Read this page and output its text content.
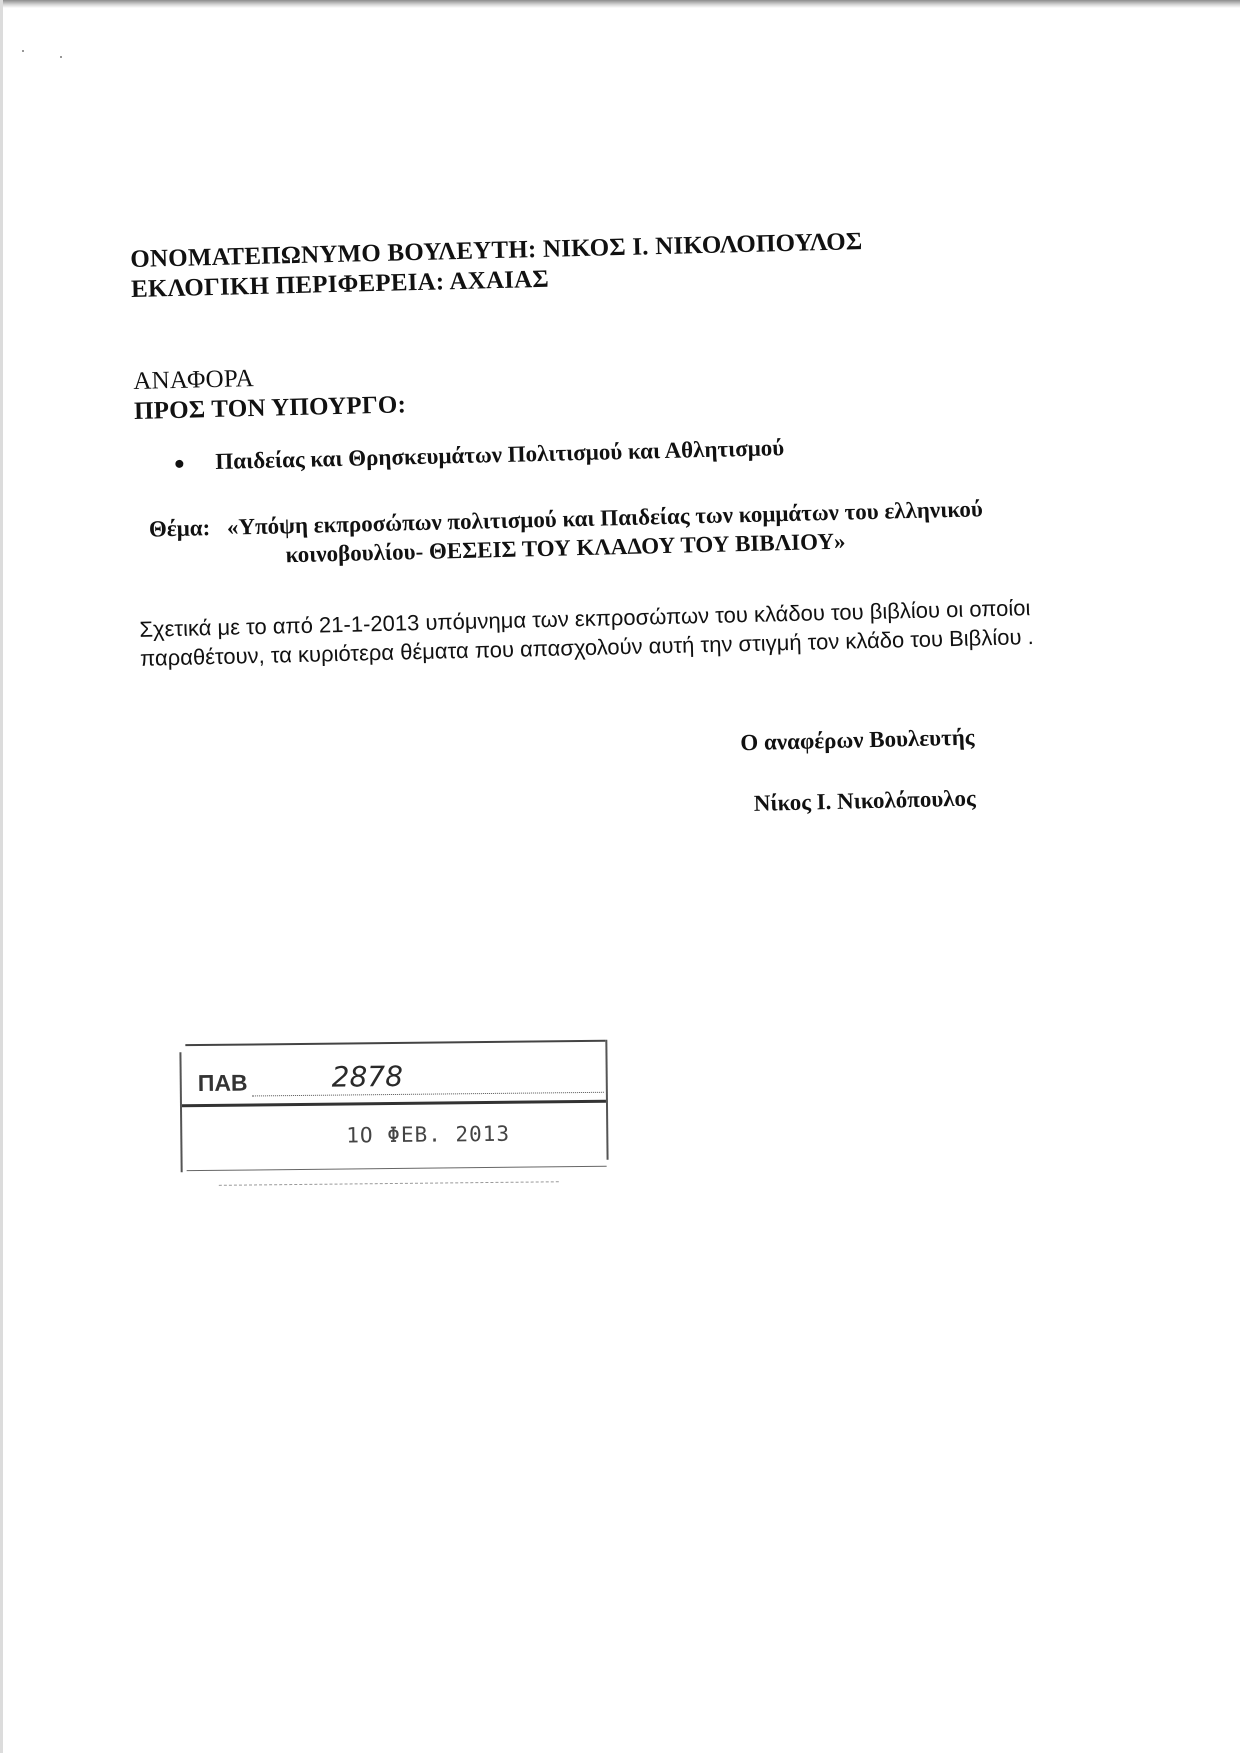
ΟΝΟΜΑΤΕΠΩΝΥΜΟ ΒΟΥΛΕΥΤΗ: ΝΙΚΟΣ Ι. ΝΙΚΟΛΟΠΟΥΛΟΣ

ΕΚΛΟΓΙΚΗ ΠΕΡΙΦΕΡΕΙΑ: ΑΧΑΙΑΣ

ΑΝΑΦΟΡΑ

ΠΡΟΣ ΤΟΝ ΥΠΟΥΡΓΟ:

Παιδείας και Θρησκευμάτων Πολιτισμού και Αθλητισμού
Θέμα: «Υπόψη εκπροσώπων πολιτισμού και Παιδείας των κομμάτων του ελληνικού
κοινοβουλίου- ΘΕΣΕΙΣ ΤΟΥ ΚΛΑΔΟΥ ΤΟΥ ΒΙΒΛΙΟΥ»
Σχετικά με το από 21-1-2013 υπόμνημα των εκπροσώπων του κλάδου του βιβλίου οι οποίοι παραθέτουν, τα κυριότερα θέματα που απασχολούν αυτή την στιγμή τον κλάδο του Βιβλίου .
Ο αναφέρων Βουλευτής
Νίκος Ι. Νικολόπουλος
ΠΑΒ	2878
1Ο ΦΕΒ. 2013
